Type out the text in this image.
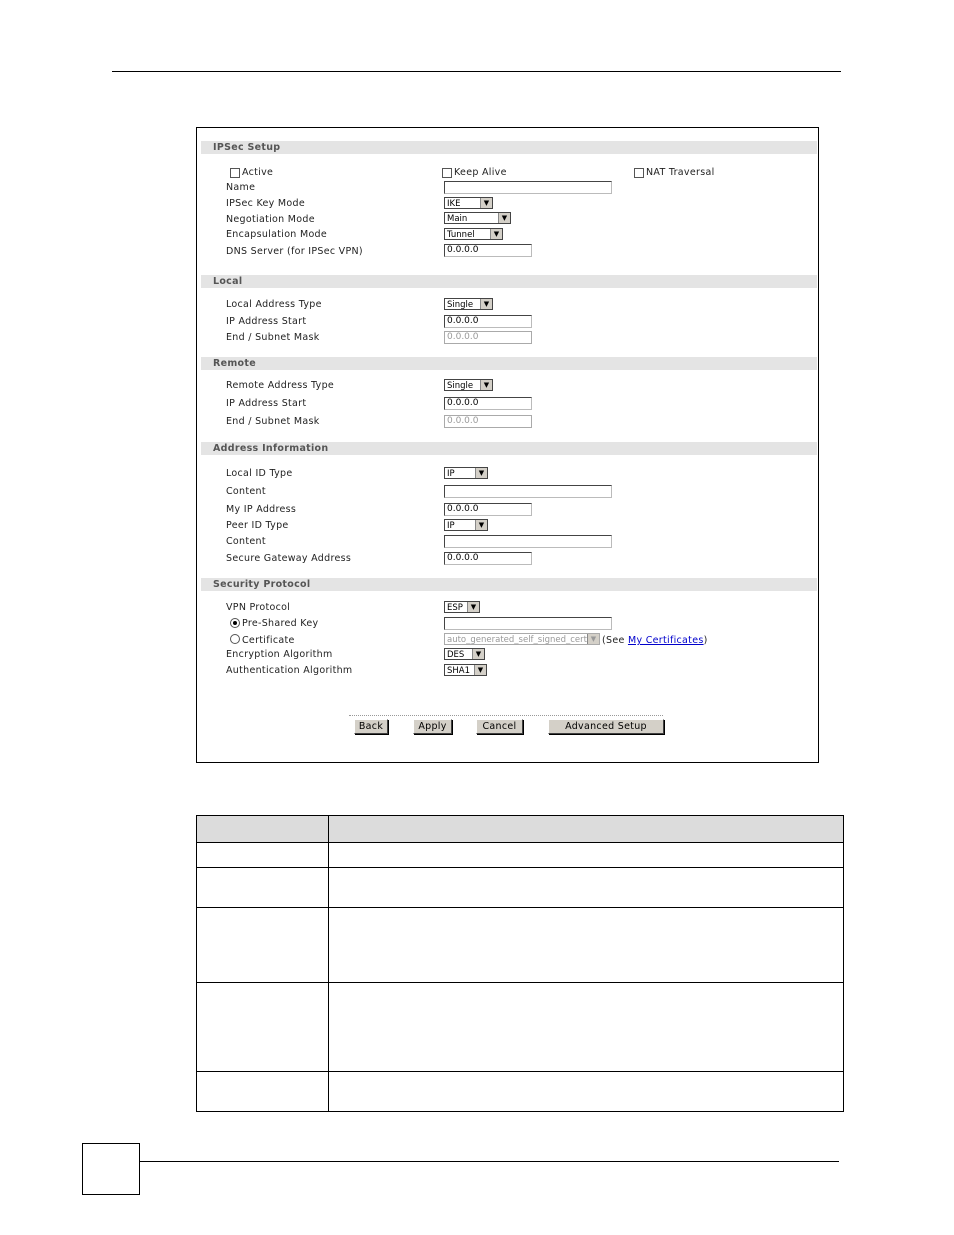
IPSec Setup
Active	Keep Alive	NAT Traversal
Name
IPSec Key Mode	IKE	▼
Negotiation Mode	Main	▼
Encapsulation Mode	Tunnel	▼
DNS Server (for IPSec VPN)	0.0.0.0
Local
Local Address Type	Single	▼
IP Address Start	0.0.0.0
End / Subnet Mask	0.0.0.0
Remote
Remote Address Type	Single	▼
IP Address Start	0.0.0.0
End / Subnet Mask	0.0.0.0
Address Information
Local ID Type	IP	▼
Content
My IP Address	0.0.0.0
Peer ID Type	IP	▼
Content
Secure Gateway Address	0.0.0.0
Security Protocol
VPN Protocol	ESP	▼
Pre-Shared Key
Certificate	auto_generated_self_signed_cert ▼ (See My Certificates)
Encryption Algorithm	DES	▼
Authentication Algorithm	SHA1	▼
Back	Apply	Cancel	Advanced Setup
